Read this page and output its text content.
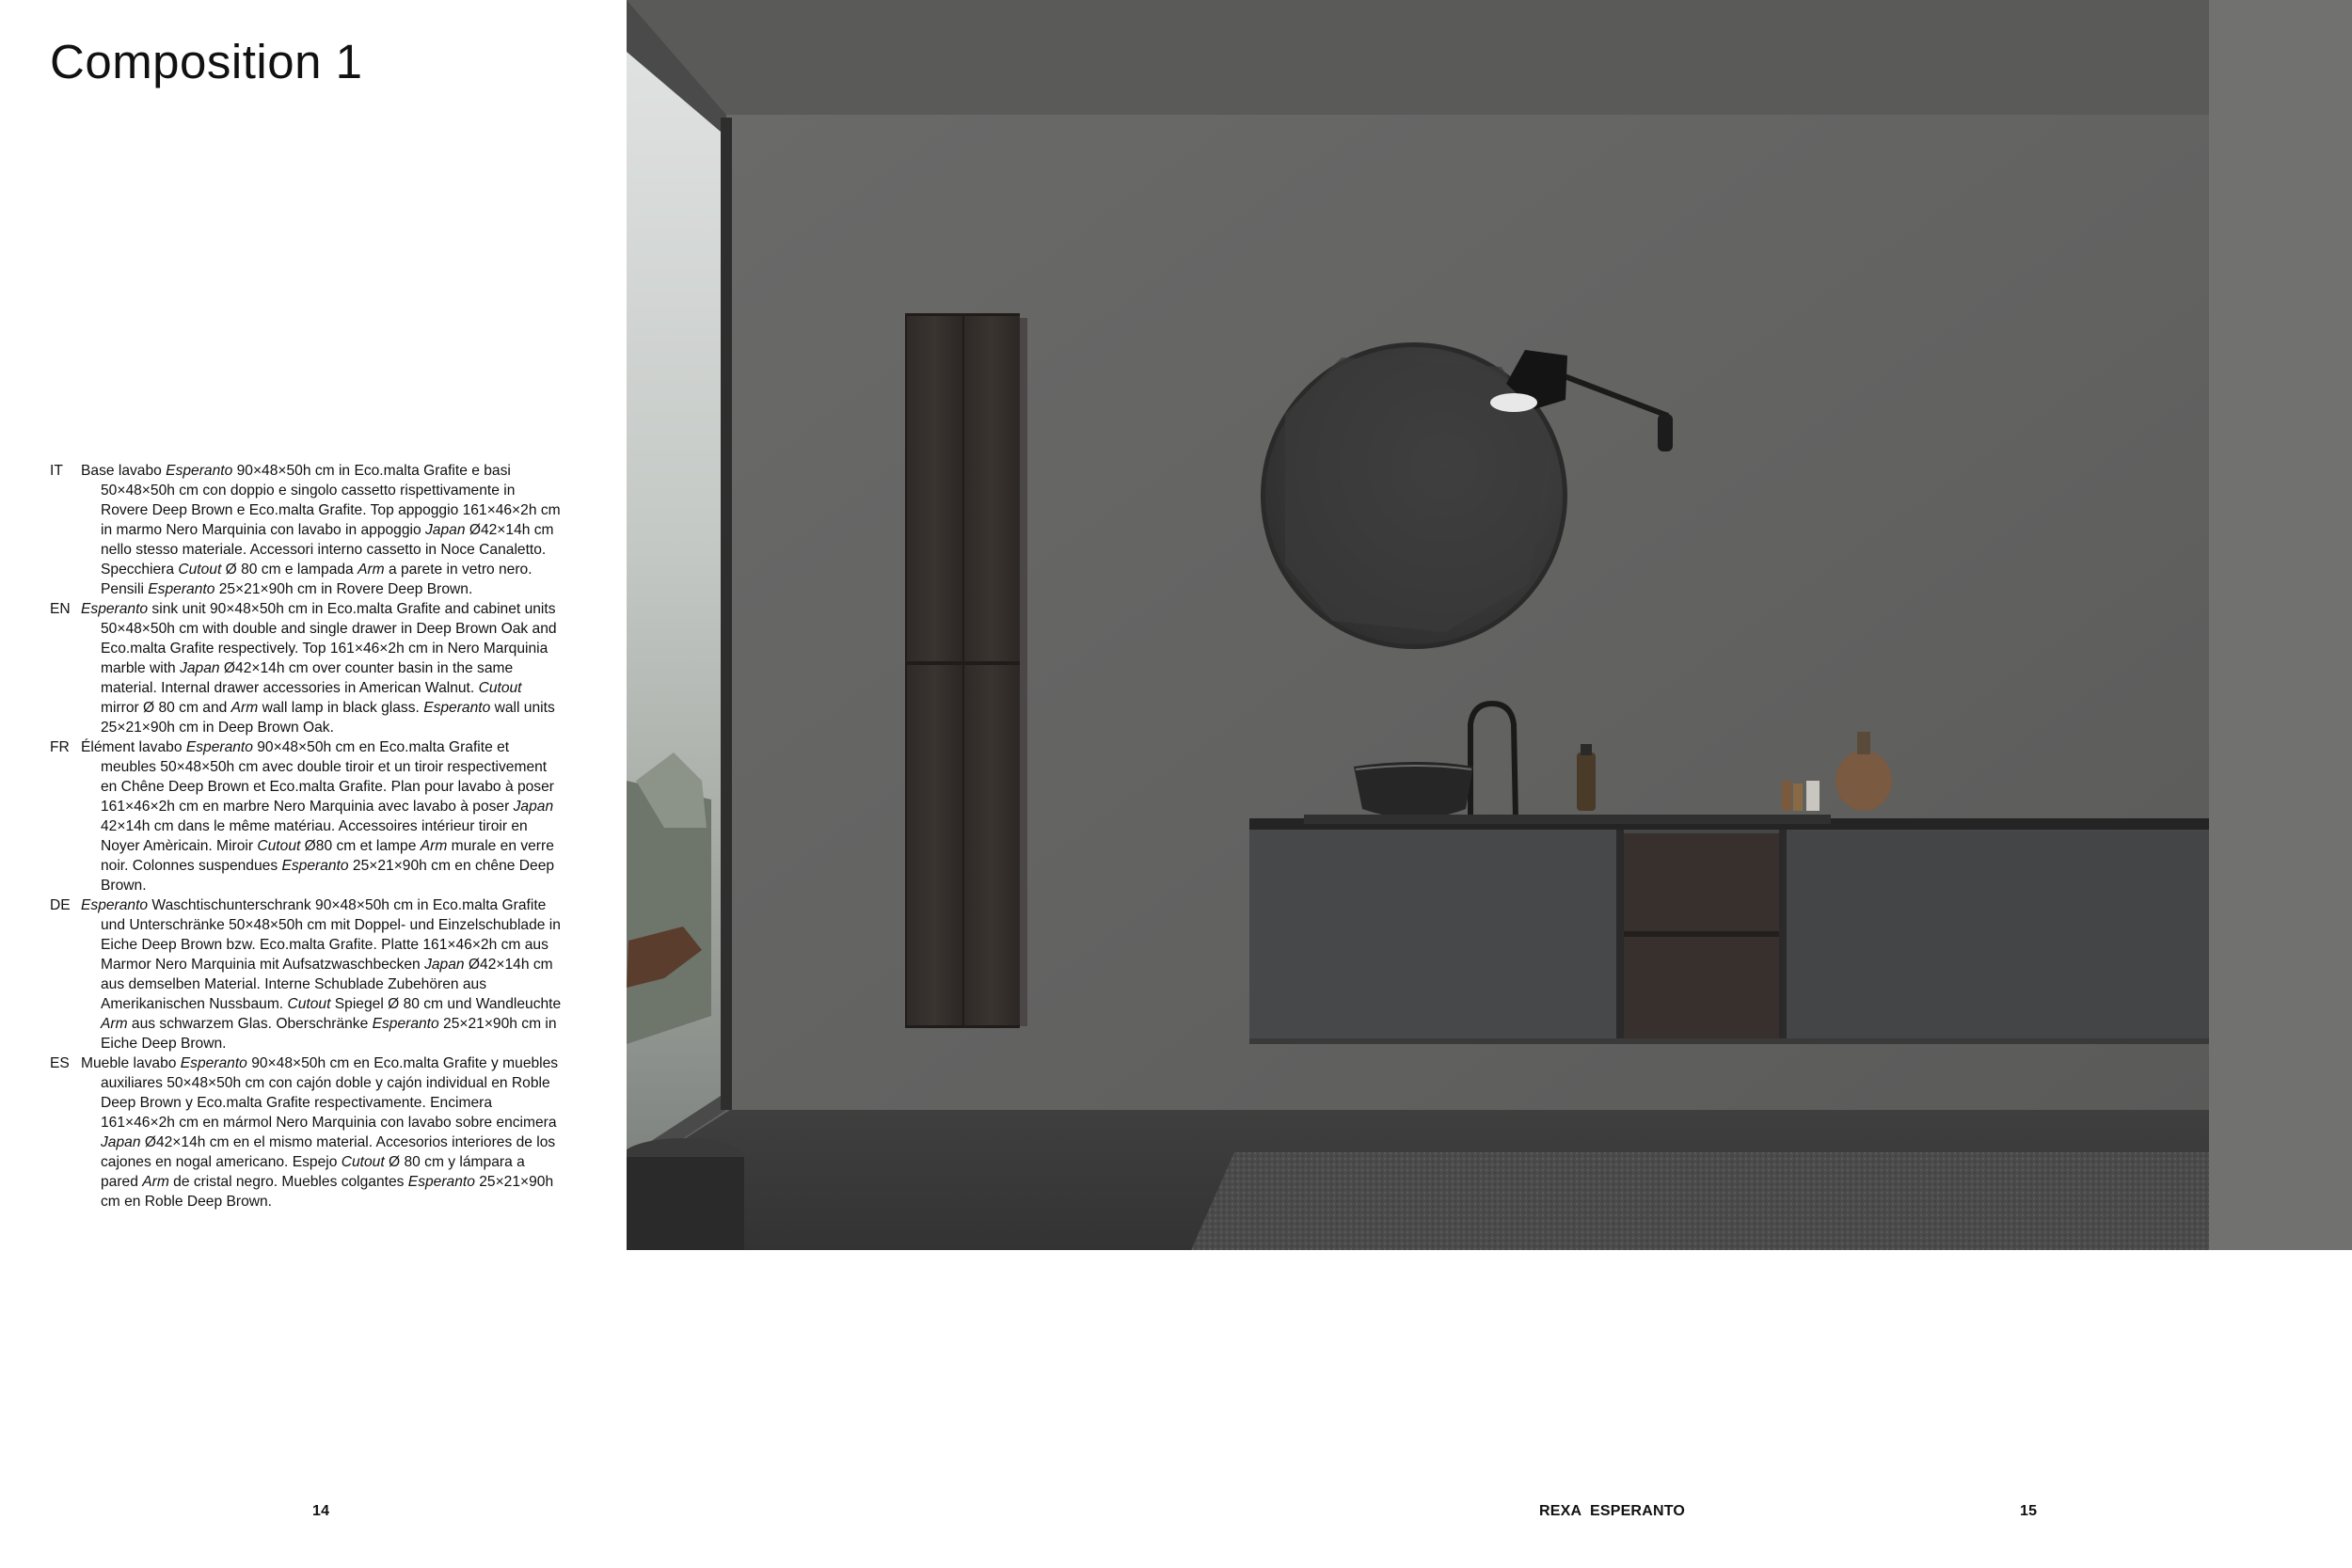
Composition 1
IT Base lavabo Esperanto 90×48×50h cm in Eco.malta Grafite e basi 50×48×50h cm con doppio e singolo cassetto rispettivamente in Rovere Deep Brown e Eco.malta Grafite. Top appoggio 161×46×2h cm in marmo Nero Marquinia con lavabo in appoggio Japan Ø42×14h cm nello stesso materiale. Accessori interno cassetto in Noce Canaletto. Specchiera Cutout Ø 80 cm e lampada Arm a parete in vetro nero. Pensili Esperanto 25×21×90h cm in Rovere Deep Brown.
EN Esperanto sink unit 90×48×50h cm in Eco.malta Grafite and cabinet units 50×48×50h cm with double and single drawer in Deep Brown Oak and Eco.malta Grafite respectively. Top 161×46×2h cm in Nero Marquinia marble with Japan Ø42×14h cm over counter basin in the same material. Internal drawer accessories in American Walnut. Cutout mirror Ø 80 cm and Arm wall lamp in black glass. Esperanto wall units 25×21×90h cm in Deep Brown Oak.
FR Élément lavabo Esperanto 90×48×50h cm en Eco.malta Grafite et meubles 50×48×50h cm avec double tiroir et un tiroir respectivement en Chêne Deep Brown et Eco.malta Grafite. Plan pour lavabo à poser 161×46×2h cm en marbre Nero Marquinia avec lavabo à poser Japan 42×14h cm dans le même matériau. Accessoires intérieur tiroir en Noyer Amèricain. Miroir Cutout Ø80 cm et lampe Arm murale en verre noir. Colonnes suspendues Esperanto 25×21×90h cm en chêne Deep Brown.
DE Esperanto Waschtischunterschrank 90×48×50h cm in Eco.malta Grafite und Unterschränke 50×48×50h cm mit Doppel- und Einzelschublade in Eiche Deep Brown bzw. Eco.malta Grafite. Platte 161×46×2h cm aus Marmor Nero Marquinia mit Aufsatzwaschbecken Japan Ø42×14h cm aus demselben Material. Interne Schublade Zubehören aus Amerikanischen Nussbaum. Cutout Spiegel Ø 80 cm und Wandleuchte Arm aus schwarzem Glas. Oberschränke Esperanto 25×21×90h cm in Eiche Deep Brown.
ES Mueble lavabo Esperanto 90×48×50h cm en Eco.malta Grafite y muebles auxiliares 50×48×50h cm con cajón doble y cajón individual en Roble Deep Brown y Eco.malta Grafite respectivamente. Encimera 161×46×2h cm en mármol Nero Marquinia con lavabo sobre encimera Japan Ø42×14h cm en el mismo material. Accesorios interiores de los cajones en nogal americano. Espejo Cutout Ø 80 cm y lámpara a pared Arm de cristal negro. Muebles colgantes Esperanto 25×21×90h cm en Roble Deep Brown.
14	REXA  ESPERANTO	15
